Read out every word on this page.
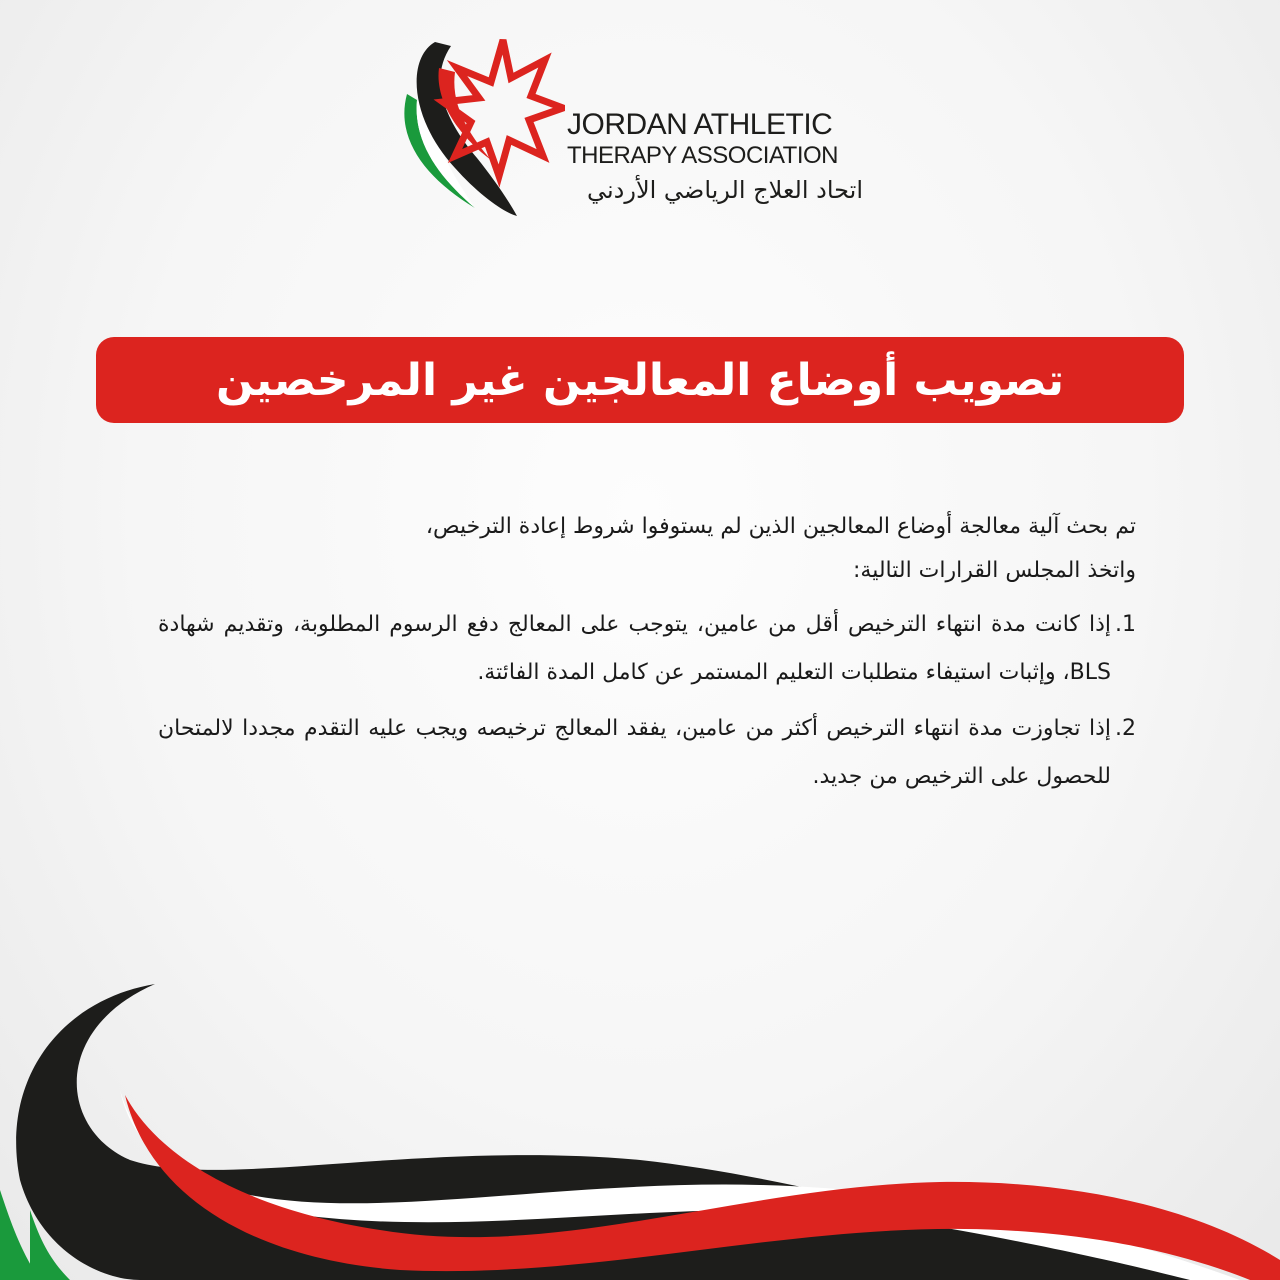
JORDAN ATHLETIC
THERAPY ASSOCIATION
اتحاد العلاج الرياضي الأردني
تصويب أوضاع المعالجين غير المرخصين
تم بحث آلية معالجة أوضاع المعالجين الذين لم يستوفوا شروط إعادة الترخيص،
واتخذ المجلس القرارات التالية:
1.
إذا كانت مدة انتهاء الترخيص أقل من عامين، يتوجب على المعالج دفع الرسوم المطلوبة، وتقديم شهادة BLS، وإثبات استيفاء متطلبات التعليم المستمر عن كامل المدة الفائتة.
2.
إذا تجاوزت مدة انتهاء الترخيص أكثر من عامين، يفقد المعالج ترخيصه ويجب عليه التقدم مجددا لالمتحان للحصول على الترخيص من جديد.
